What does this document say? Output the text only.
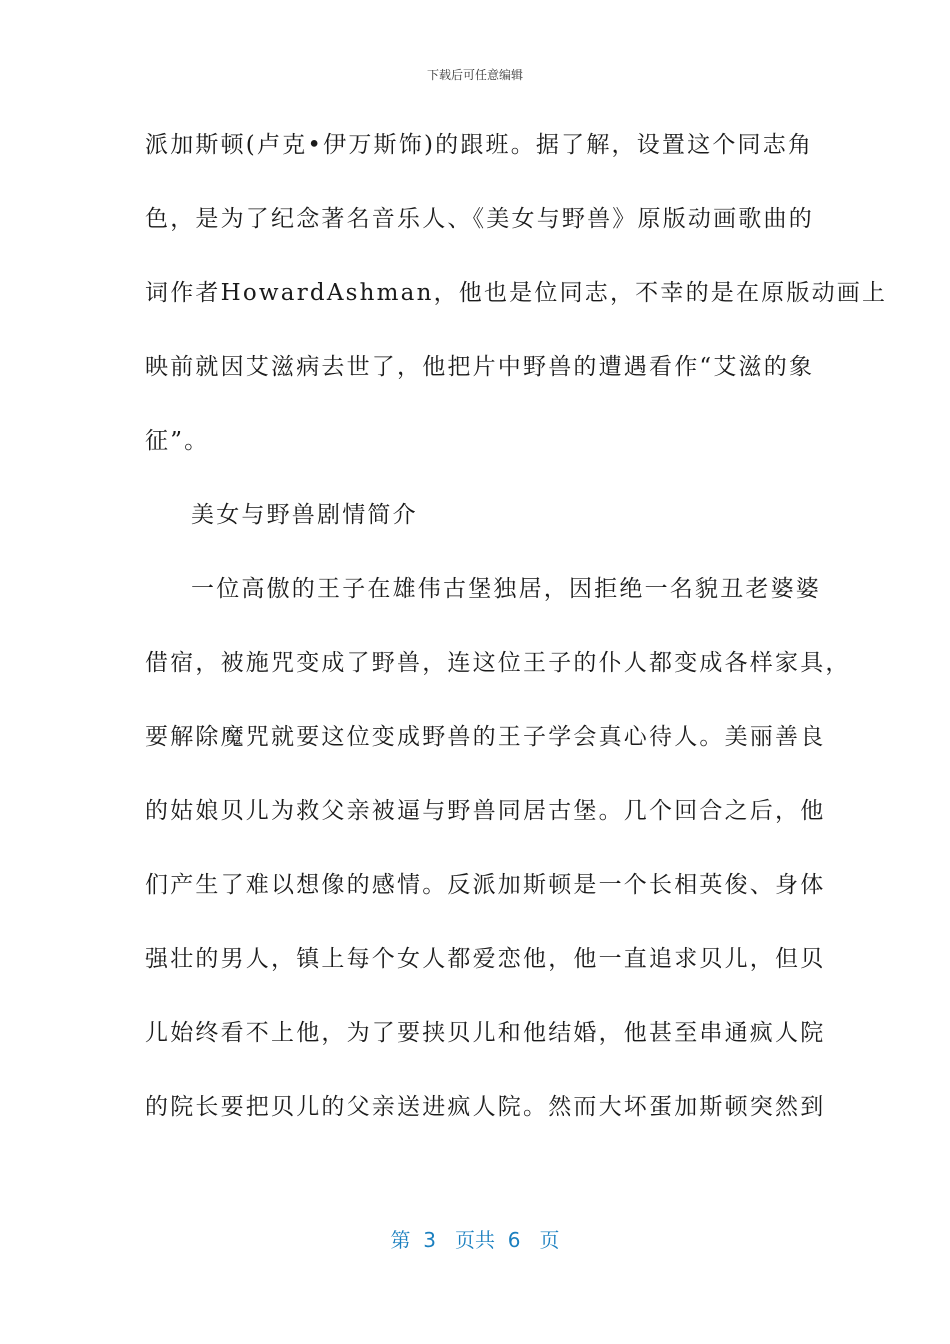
下载后可任意编辑
派加斯顿(卢克•伊万斯饰)的跟班。据了解，设置这个同志角
色，是为了纪念著名音乐人、《美女与野兽》原版动画歌曲的
词作者HowardAshman，他也是位同志，不幸的是在原版动画上
映前就因艾滋病去世了，他把片中野兽的遭遇看作“艾滋的象
征”。
美女与野兽剧情简介
一位高傲的王子在雄伟古堡独居，因拒绝一名貌丑老婆婆
借宿，被施咒变成了野兽，连这位王子的仆人都变成各样家具，
要解除魔咒就要这位变成野兽的王子学会真心待人。美丽善良
的姑娘贝儿为救父亲被逼与野兽同居古堡。几个回合之后，他
们产生了难以想像的感情。反派加斯顿是一个长相英俊、身体
强壮的男人，镇上每个女人都爱恋他，他一直追求贝儿，但贝
儿始终看不上他，为了要挟贝儿和他结婚，他甚至串通疯人院
的院长要把贝儿的父亲送进疯人院。然而大坏蛋加斯顿突然到
第  3   页共  6   页
